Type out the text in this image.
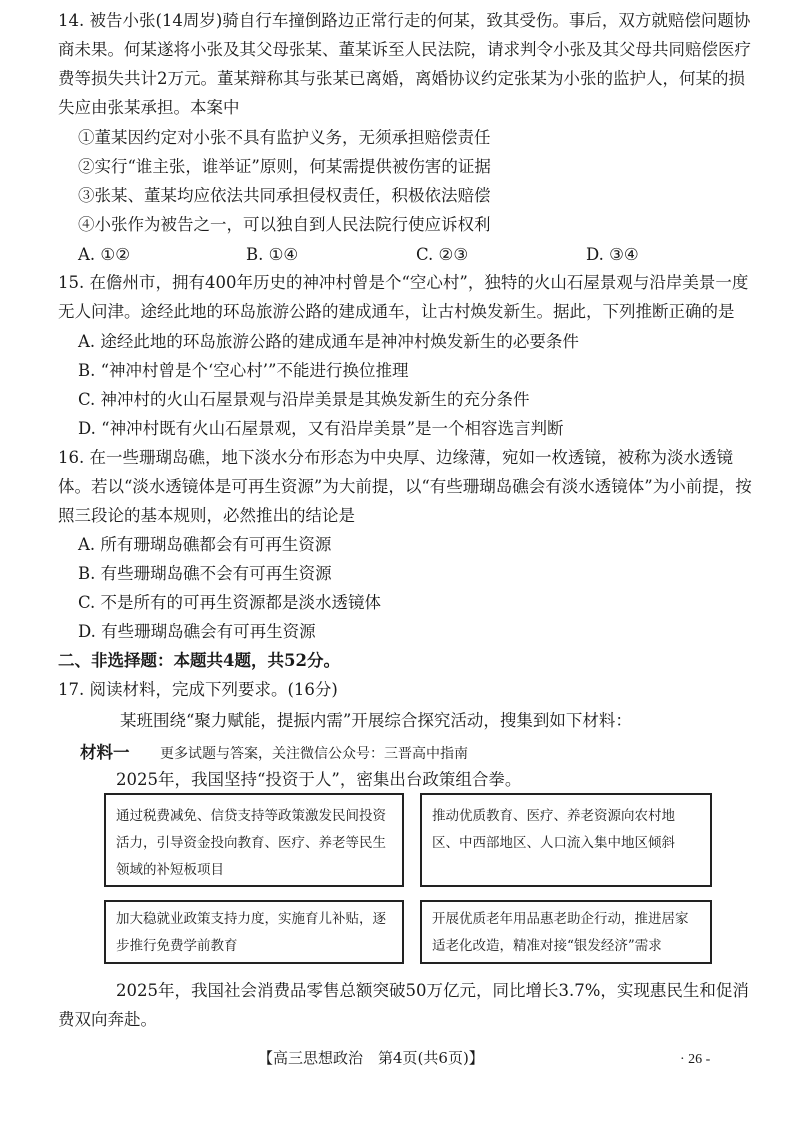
14. 被告小张(14周岁)骑自行车撞倒路边正常行走的何某，致其受伤。事后，双方就赔偿问题协商未果。何某遂将小张及其父母张某、董某诉至人民法院，请求判令小张及其父母共同赔偿医疗费等损失共计2万元。董某辩称其与张某已离婚，离婚协议约定张某为小张的监护人，何某的损失应由张某承担。本案中

①董某因约定对小张不具有监护义务，无须承担赔偿责任

②实行“谁主张，谁举证”原则，何某需提供被伤害的证据

③张某、董某均应依法共同承担侵权责任，积极依法赔偿

④小张作为被告之一，可以独自到人民法院行使应诉权利

A. ①②	B. ①④	C. ②③	D. ③④

15. 在儋州市，拥有400年历史的神冲村曾是个“空心村”，独特的火山石屋景观与沿岸美景一度无人问津。途经此地的环岛旅游公路的建成通车，让古村焕发新生。据此，下列推断正确的是

A. 途经此地的环岛旅游公路的建成通车是神冲村焕发新生的必要条件

B. “神冲村曾是个‘空心村’”不能进行换位推理

C. 神冲村的火山石屋景观与沿岸美景是其焕发新生的充分条件

D. “神冲村既有火山石屋景观，又有沿岸美景”是一个相容选言判断

16. 在一些珊瑚岛礁，地下淡水分布形态为中央厚、边缘薄，宛如一枚透镜，被称为淡水透镜体。若以“淡水透镜体是可再生资源”为大前提，以“有些珊瑚岛礁会有淡水透镜体”为小前提，按照三段论的基本规则，必然推出的结论是

A. 所有珊瑚岛礁都会有可再生资源

B. 有些珊瑚岛礁不会有可再生资源

C. 不是所有的可再生资源都是淡水透镜体

D. 有些珊瑚岛礁会有可再生资源

二、非选择题：本题共4题，共52分。
17. 阅读材料，完成下列要求。(16分)
某班围绕“聚力赋能，提振内需”开展综合探究活动，搜集到如下材料：
材料一 更多试题与答案，关注微信公众号：三晋高中指南
2025年，我国坚持“投资于人”，密集出台政策组合拳。
通过税费减免、信贷支持等政策激发民间投资活力，引导资金投向教育、医疗、养老等民生领域的补短板项目
推动优质教育、医疗、养老资源向农村地区、中西部地区、人口流入集中地区倾斜
加大稳就业政策支持力度，实施育儿补贴，逐步推行免费学前教育
开展优质老年用品惠老助企行动，推进居家适老化改造，精准对接“银发经济”需求

2025年，我国社会消费品零售总额突破50万亿元，同比增长3.7%，实现惠民生和促消费双向奔赴。

【高三思想政治　第4页(共6页)】	· 26 -
